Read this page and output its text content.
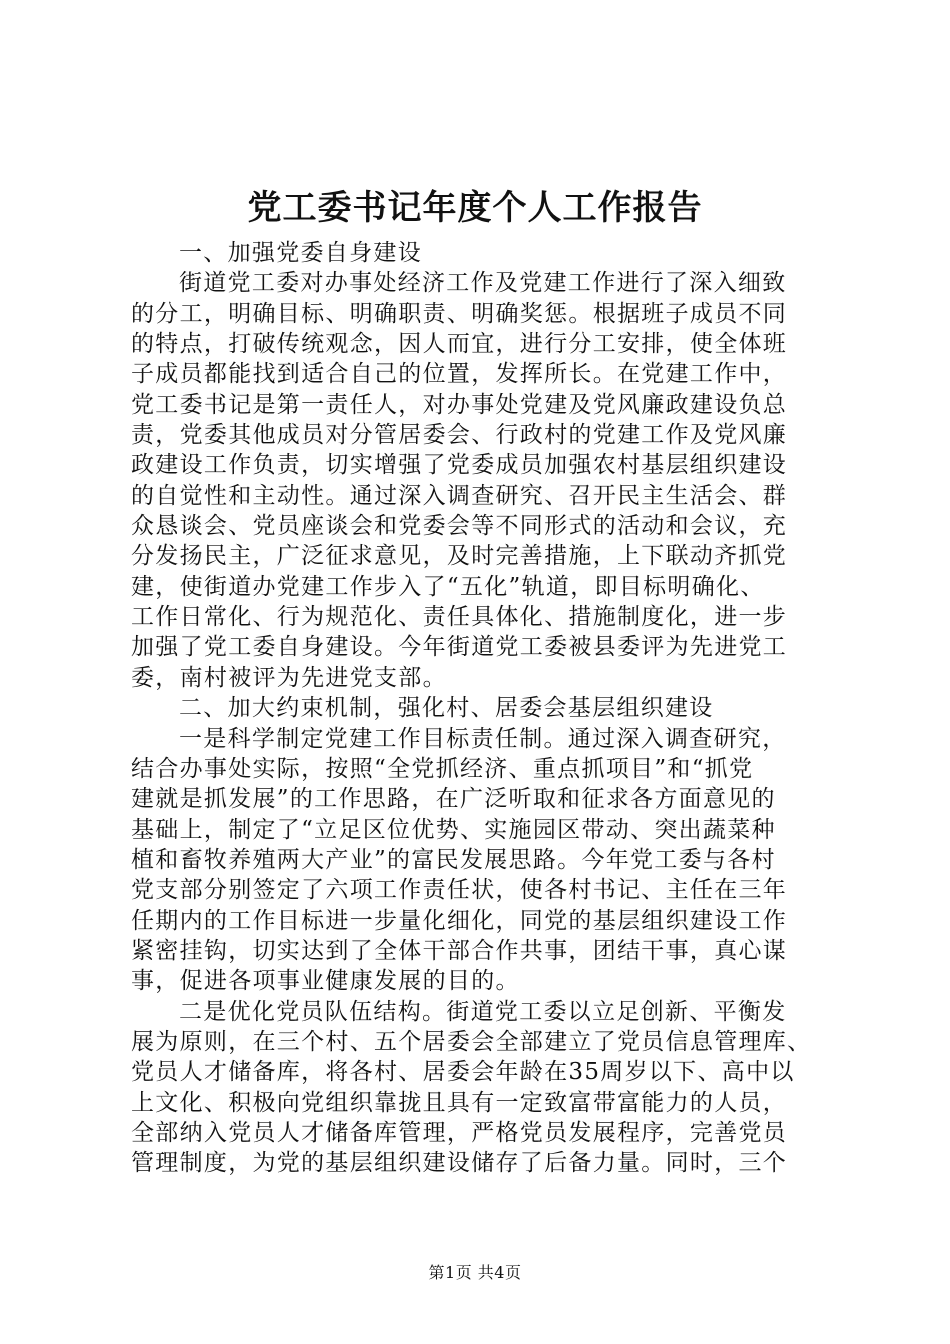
党工委书记年度个人工作报告
一、加强党委自身建设
街道党工委对办事处经济工作及党建工作进行了深入细致
的分工，明确目标、明确职责、明确奖惩。根据班子成员不同
的特点，打破传统观念，因人而宜，进行分工安排，使全体班
子成员都能找到适合自己的位置，发挥所长。在党建工作中，
党工委书记是第一责任人，对办事处党建及党风廉政建设负总
责，党委其他成员对分管居委会、行政村的党建工作及党风廉
政建设工作负责，切实增强了党委成员加强农村基层组织建设
的自觉性和主动性。通过深入调查研究、召开民主生活会、群
众恳谈会、党员座谈会和党委会等不同形式的活动和会议，充
分发扬民主，广泛征求意见，及时完善措施，上下联动齐抓党
建，使街道办党建工作步入了“五化”轨道，即目标明确化、
工作日常化、行为规范化、责任具体化、措施制度化，进一步
加强了党工委自身建设。今年街道党工委被县委评为先进党工
委，南村被评为先进党支部。
二、加大约束机制，强化村、居委会基层组织建设
一是科学制定党建工作目标责任制。通过深入调查研究，
结合办事处实际，按照“全党抓经济、重点抓项目”和“抓党
建就是抓发展”的工作思路，在广泛听取和征求各方面意见的
基础上，制定了“立足区位优势、实施园区带动、突出蔬菜种
植和畜牧养殖两大产业”的富民发展思路。今年党工委与各村
党支部分别签定了六项工作责任状，使各村书记、主任在三年
任期内的工作目标进一步量化细化，同党的基层组织建设工作
紧密挂钩，切实达到了全体干部合作共事，团结干事，真心谋
事，促进各项事业健康发展的目的。
二是优化党员队伍结构。街道党工委以立足创新、平衡发
展为原则，在三个村、五个居委会全部建立了党员信息管理库、
党员人才储备库，将各村、居委会年龄在35周岁以下、高中以
上文化、积极向党组织靠拢且具有一定致富带富能力的人员，
全部纳入党员人才储备库管理，严格党员发展程序，完善党员
管理制度，为党的基层组织建设储存了后备力量。同时，三个
第1页 共4页
